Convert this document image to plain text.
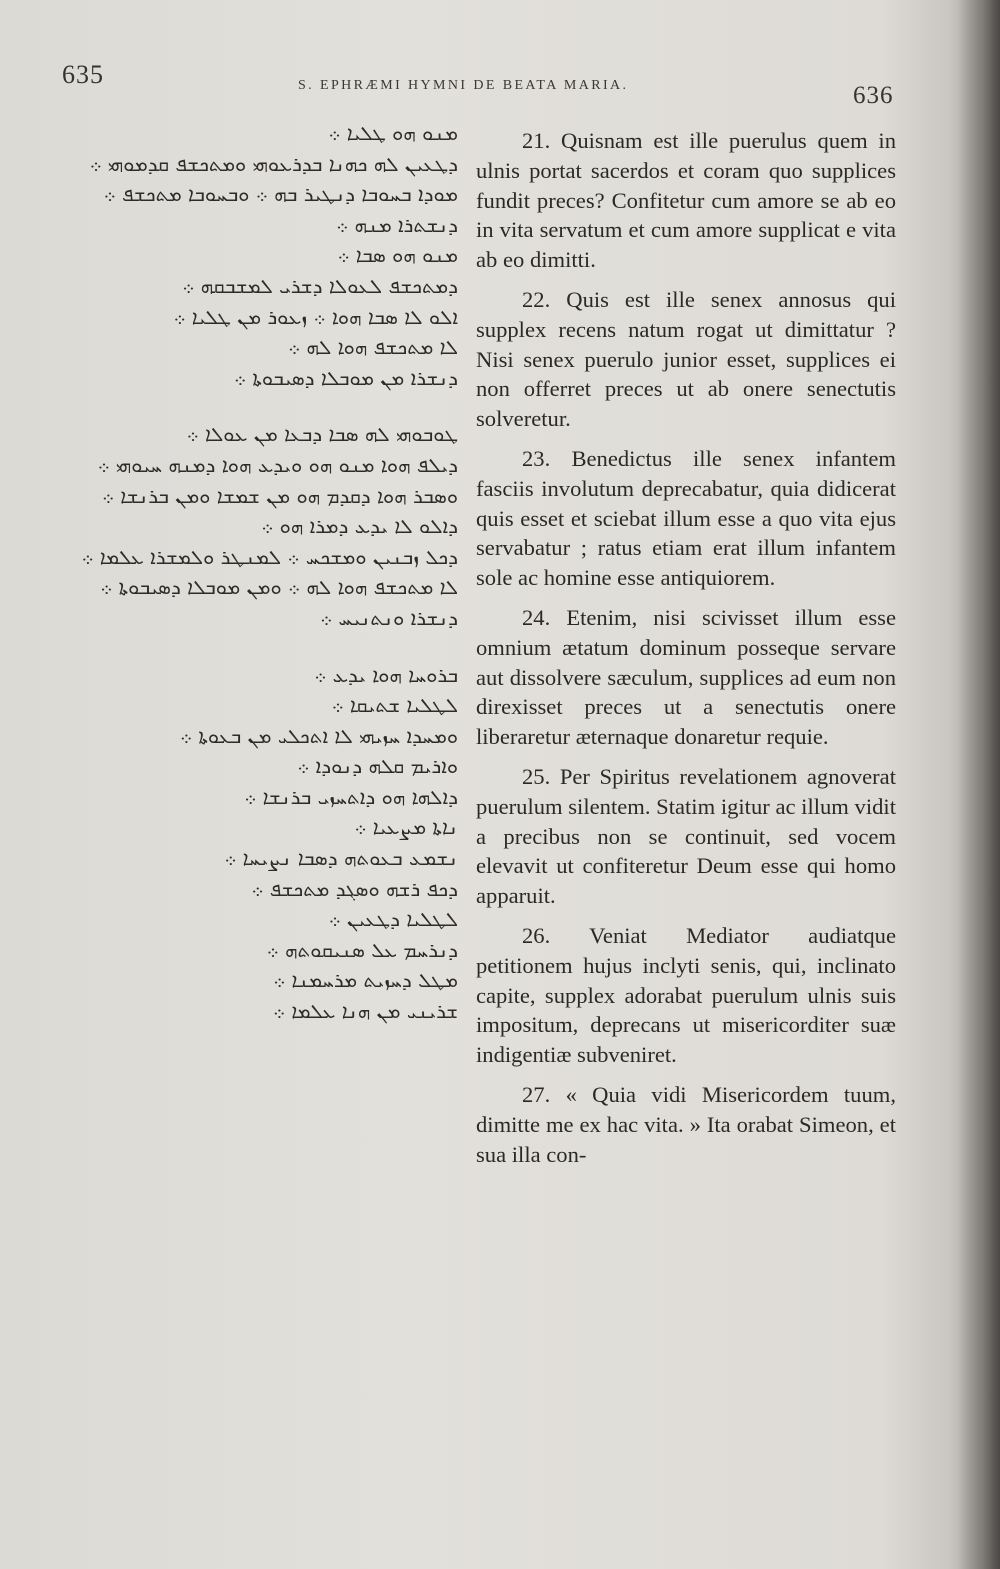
635	S. EPHRÆMI HYMNI DE BEATA MARIA.	636
ܡܢܘ ܗܘ ܛܠܝܐ ܀
ܕܛܥܝܢ ܠܗ ܟܗܢܐ ܒܕܪܥܘܗܝ ܘܡܬܟܫܦ ܩܕܡܘܗܝ ܀
ܡܘܕܐ ܒܚܘܒܐ ܕܢܛܝܪ ܒܗ ܀ ܘܒܚܘܒܐ ܡܬܟܫܦ ܀
ܕܢܫܬܪܐ ܡܢܗ ܀
ܡܢܘ ܗܘ ܣܒܐ ܀
ܕܡܬܟܫܦ ܠܥܘܠܐ ܕܫܪܝ ܠܡܫܒܩܗ ܀
ܐܠܘ ܠܐ ܣܒܐ ܗܘܐ ܀ ܙܥܘܪ ܡܢ ܛܠܝܐ ܀
ܠܐ ܡܬܟܫܦ ܗܘܐ ܠܗ ܀
ܕܢܫܪܐ ܡܢ ܡܘܒܠܐ ܕܣܝܒܘܬܐ ܀
ܛܘܒܘܗܝ ܠܗ ܣܒܐ ܕܒܥܐ ܡܢ ܥܘܠܐ ܀
ܕܝܠܦ ܗܘܐ ܡܢܘ ܗܘ ܘܝܕܥ ܗܘܐ ܕܡܢܗ ܚܝܘܗܝ ܀
ܘܣܒܪ ܗܘܐ ܕܩܕܡ ܗܘ ܡܢ ܫܡܫܐ ܘܡܢ ܒܪܢܫܐ ܀
ܕܐܠܘ ܠܐ ܝܕܥ ܕܡܪܐ ܗܘ ܀
ܕܟܠ ܙܒܢܝܢ ܘܡܫܟܚ ܀ ܠܡܢܛܪ ܘܠܡܫܪܐ ܥܠܡܐ ܀
ܠܐ ܡܬܟܫܦ ܗܘܐ ܠܗ ܀ ܘܡܢ ܡܘܒܠܐ ܕܣܝܒܘܬܐ ܀
ܕܢܫܪܐ ܘܢܬܢܝܚ ܀
ܒܪܘܚܐ ܗܘܐ ܝܕܥ ܀
ܠܛܠܝܐ ܫܬܝܩܐ ܀
ܘܡܚܕܐ ܚܙܝܗܝ ܠܐ ܐܬܟܠܝ ܡܢ ܒܥܘܬܐ ܀
ܘܐܪܝܡ ܩܠܗ ܕܢܘܕܐ ܀
ܕܐܠܗܐ ܗܘ ܕܐܬܚܙܝ ܒܪܢܫܐ ܀
ܢܐܬܐ ܡܨܥܝܐ ܀
ܢܫܡܥ ܒܥܘܬܗ ܕܣܒܐ ܢܨܝܚܐ ܀
ܕܟܦ ܪܫܗ ܘܣܓܕ ܡܬܟܫܦ ܀
ܠܛܠܝܐ ܕܛܥܝܢ ܀
ܕܢܪܚܡ ܥܠ ܣܢܝܩܘܬܗ ܀
ܡܛܠ ܕܚܙܝܬ ܡܪܚܡܢܐ ܀
ܫܪܝܢܝ ܡܢ ܗܢܐ ܥܠܡܐ ܀

21. Quisnam est ille puerulus quem in ulnis portat sacerdos et coram quo supplices fundit preces? Confitetur cum amore se ab eo in vita servatum et cum amore supplicat e vita ab eo dimitti.

22. Quis est ille senex annosus qui supplex recens natum rogat ut dimittatur ? Nisi senex puerulo junior esset, supplices ei non offerret preces ut ab onere senectutis solveretur.

23. Benedictus ille senex infantem fasciis involutum deprecabatur, quia didicerat quis esset et sciebat illum esse a quo vita ejus servabatur ; ratus etiam erat illum infantem sole ac homine esse antiquiorem.

24. Etenim, nisi scivisset illum esse omnium ætatum dominum posseque servare aut dissolvere sæculum, supplices ad eum non direxisset preces ut a senectutis onere liberaretur æternaque donaretur requie.

25. Per Spiritus revelationem agnoverat puerulum silentem. Statim igitur ac illum vidit a precibus non se continuit, sed vocem elevavit ut confiteretur Deum esse qui homo apparuit.

26. Veniat Mediator audiatque petitionem hujus inclyti senis, qui, inclinato capite, supplex adorabat puerulum ulnis suis impositum, deprecans ut misericorditer suæ indigentiæ subveniret.

27. « Quia vidi Misericordem tuum, dimitte me ex hac vita. » Ita orabat Simeon, et sua illa con-
